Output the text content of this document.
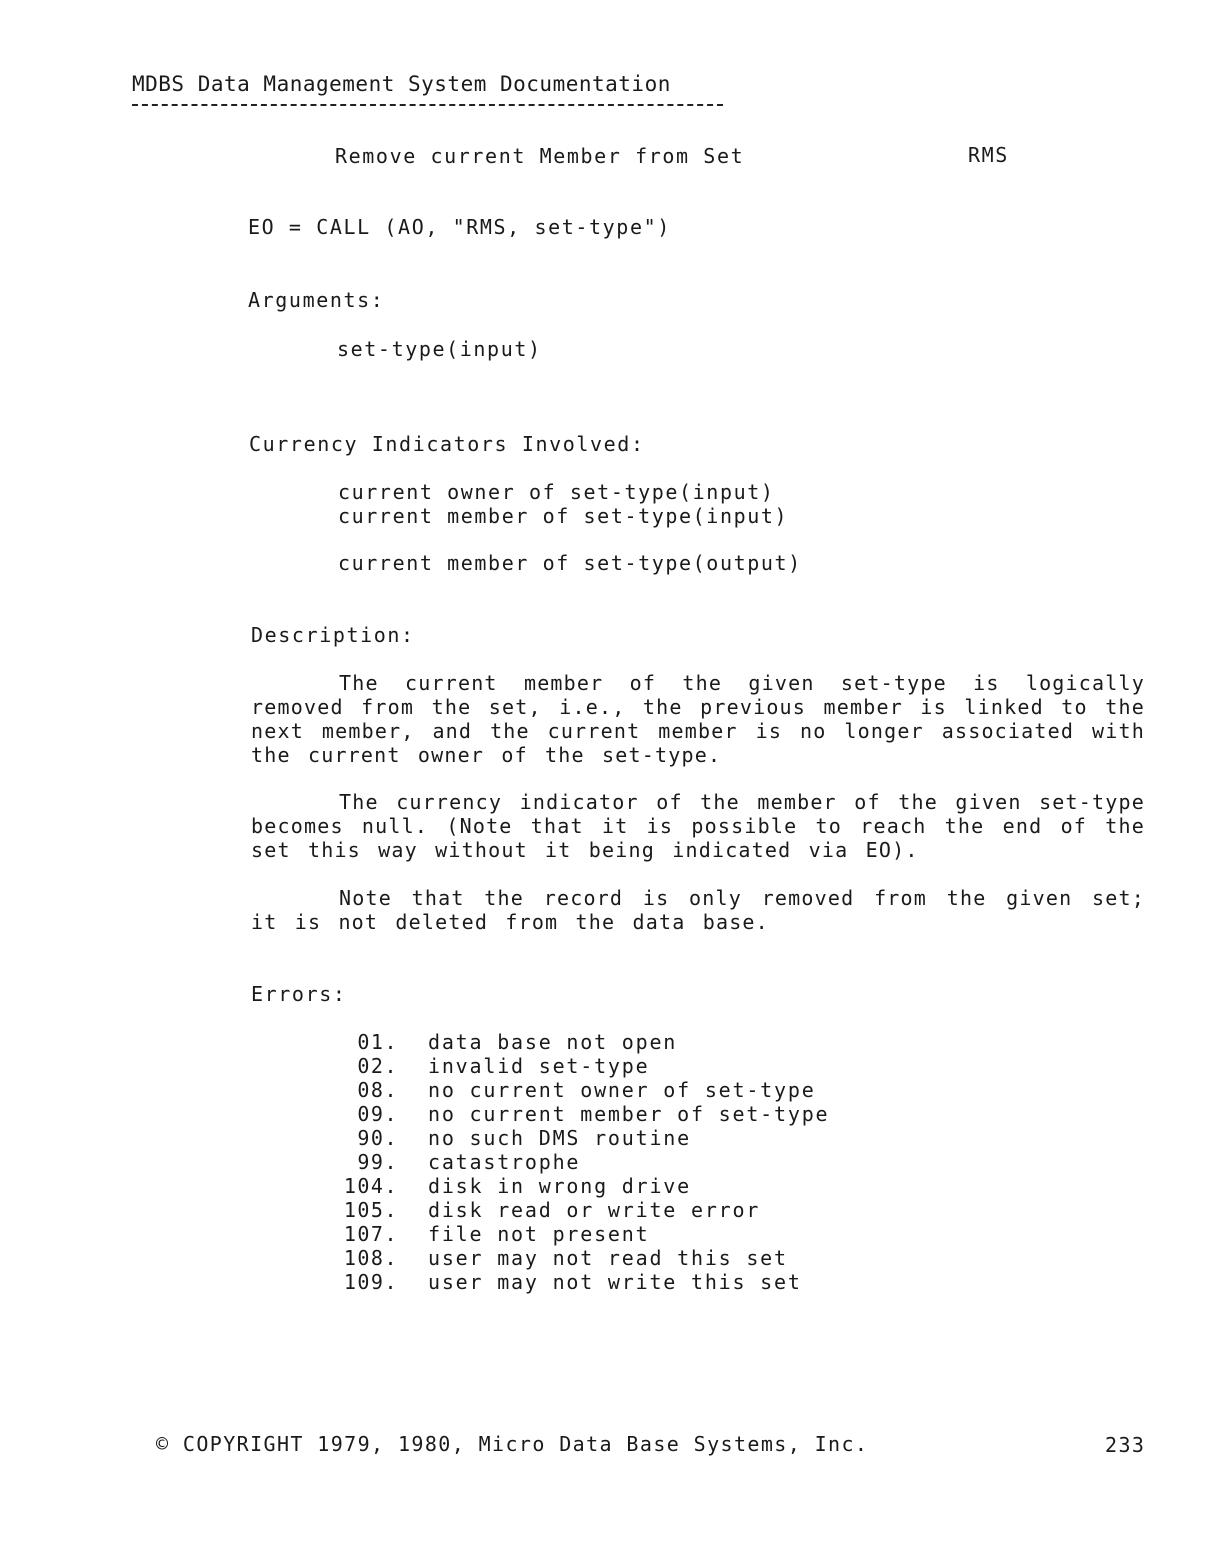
MDBS Data Management System Documentation
Remove current Member from Set	RMS
EO = CALL (AO, "RMS, set-type")
Arguments:
set-type(input)
Currency Indicators Involved:
current owner of set-type(input)
current member of set-type(input)
current member of set-type(output)
Description:
The current member of the given set-type is logically removed from the set, i.e., the previous member is linked to the next member, and the current member is no longer associated with the current owner of the set-type.
The currency indicator of the member of the given set-type becomes null. (Note that it is possible to reach the end of the set this way without it being indicated via EO).
Note that the record is only removed from the given set; it is not deleted from the data base.
Errors:
01. data base not open
02. invalid set-type
08. no current owner of set-type
09. no current member of set-type
90. no such DMS routine
99. catastrophe
104. disk in wrong drive
105. disk read or write error
107. file not present
108. user may not read this set
109. user may not write this set
© COPYRIGHT 1979, 1980, Micro Data Base Systems, Inc.	233
